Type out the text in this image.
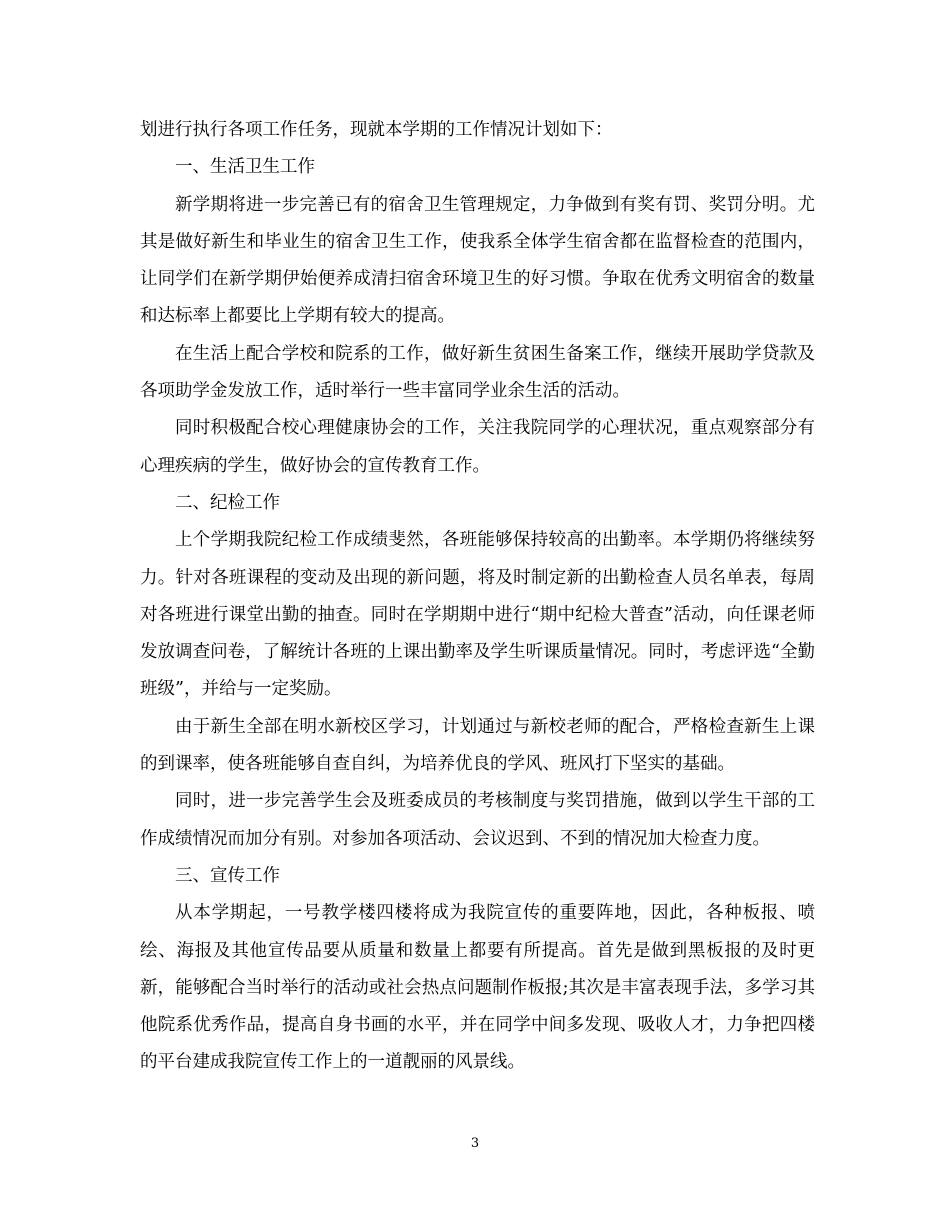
划进行执行各项工作任务，现就本学期的工作情况计划如下：

一、生活卫生工作

新学期将进一步完善已有的宿舍卫生管理规定，力争做到有奖有罚、奖罚分明。尤其是做好新生和毕业生的宿舍卫生工作，使我系全体学生宿舍都在监督检查的范围内，让同学们在新学期伊始便养成清扫宿舍环境卫生的好习惯。争取在优秀文明宿舍的数量和达标率上都要比上学期有较大的提高。

在生活上配合学校和院系的工作，做好新生贫困生备案工作，继续开展助学贷款及各项助学金发放工作，适时举行一些丰富同学业余生活的活动。

同时积极配合校心理健康协会的工作，关注我院同学的心理状况，重点观察部分有心理疾病的学生，做好协会的宣传教育工作。

二、纪检工作

上个学期我院纪检工作成绩斐然，各班能够保持较高的出勤率。本学期仍将继续努力。针对各班课程的变动及出现的新问题，将及时制定新的出勤检查人员名单表，每周对各班进行课堂出勤的抽查。同时在学期期中进行“期中纪检大普查”活动，向任课老师发放调查问卷，了解统计各班的上课出勤率及学生听课质量情况。同时，考虑评选“全勤班级”，并给与一定奖励。

由于新生全部在明水新校区学习，计划通过与新校老师的配合，严格检查新生上课的到课率，使各班能够自查自纠，为培养优良的学风、班风打下坚实的基础。

同时，进一步完善学生会及班委成员的考核制度与奖罚措施，做到以学生干部的工作成绩情况而加分有别。对参加各项活动、会议迟到、不到的情况加大检查力度。

三、宣传工作

从本学期起，一号教学楼四楼将成为我院宣传的重要阵地，因此，各种板报、喷绘、海报及其他宣传品要从质量和数量上都要有所提高。首先是做到黑板报的及时更新，能够配合当时举行的活动或社会热点问题制作板报;其次是丰富表现手法，多学习其他院系优秀作品，提高自身书画的水平，并在同学中间多发现、吸收人才，力争把四楼的平台建成我院宣传工作上的一道靓丽的风景线。

3
